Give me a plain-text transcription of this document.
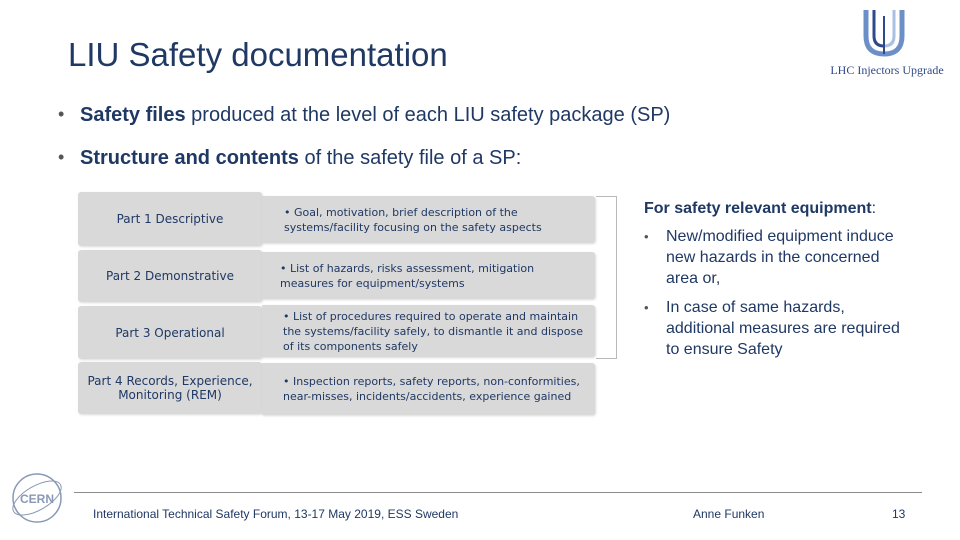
LIU Safety documentation	LHC Injectors Upgrade
• Safety files produced at the level of each LIU safety package (SP)
• Structure and contents of the safety file of a SP:
Part 1 Descriptive	• Goal, motivation, brief description of the systems/facility focusing on the safety aspects
Part 2 Demonstrative
• List of hazards, risks assessment, mitigation measures for equipment/systems
Part 3 Operational
• List of procedures required to operate and maintain the systems/facility safely, to dismantle it and dispose of its components safely
Part 4 Records, Experience, Monitoring (REM)
• Inspection reports, safety reports, non-conformities, near-misses, incidents/accidents, experience gained
For safety relevant equipment:
• New/modified equipment induce new hazards in the concerned area or,
• In case of same hazards, additional measures are required to ensure Safety
CERN
International Technical Safety Forum, 13-17 May 2019, ESS Sweden	Anne Funken	13
